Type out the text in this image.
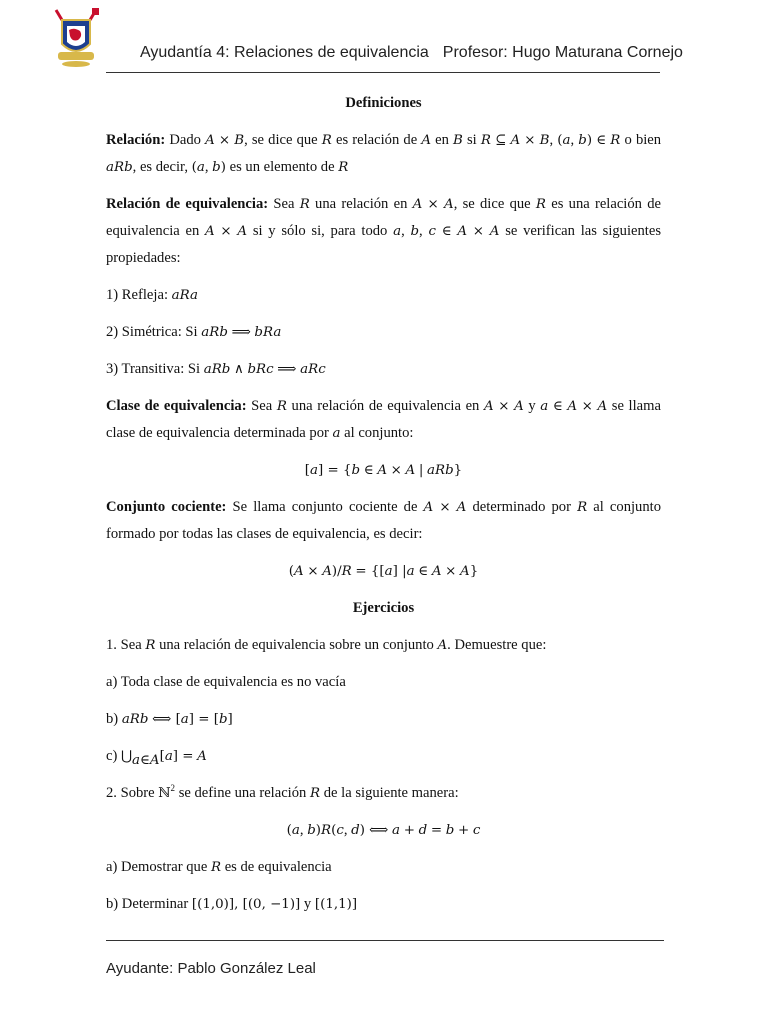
Ayudantía 4: Relaciones de equivalencia Profesor: Hugo Maturana Cornejo

Definiciones

Relación: Dado A × B, se dice que R es relación de A en B si R ⊆ A × B, (a, b) ∈ R o bien aRb, es decir, (a, b) es un elemento de R

Relación de equivalencia: Sea R una relación en A × A, se dice que R es una relación de equivalencia en A × A si y sólo si, para todo a, b, c ∈ A × A se verifican las siguientes propiedades:

1) Refleja: aRa

2) Simétrica: Si aRb ⟹ bRa

3) Transitiva: Si aRb ∧ bRc ⟹ aRc

Clase de equivalencia: Sea R una relación de equivalencia en A × A y a ∈ A × A se llama clase de equivalencia determinada por a al conjunto:

[a] = {b ∈ A × A | aRb}

Conjunto cociente: Se llama conjunto cociente de A × A determinado por R al conjunto formado por todas las clases de equivalencia, es decir:

(A × A)/R = {[a] |a ∈ A × A}

Ejercicios

1. Sea R una relación de equivalencia sobre un conjunto A. Demuestre que:

a) Toda clase de equivalencia es no vacía

b) aRb ⟺ [a] = [b]

c) $⋃_{a\in A}[a] = A$

2. Sobre ℕ$^2$ se define una relación R de la siguiente manera:

(a, b)R(c, d) ⟺ a + d = b + c

a) Demostrar que R es de equivalencia

b) Determinar [(1,0)], [(0, −1)] y [(1,1)]

Ayudante: Pablo González Leal
